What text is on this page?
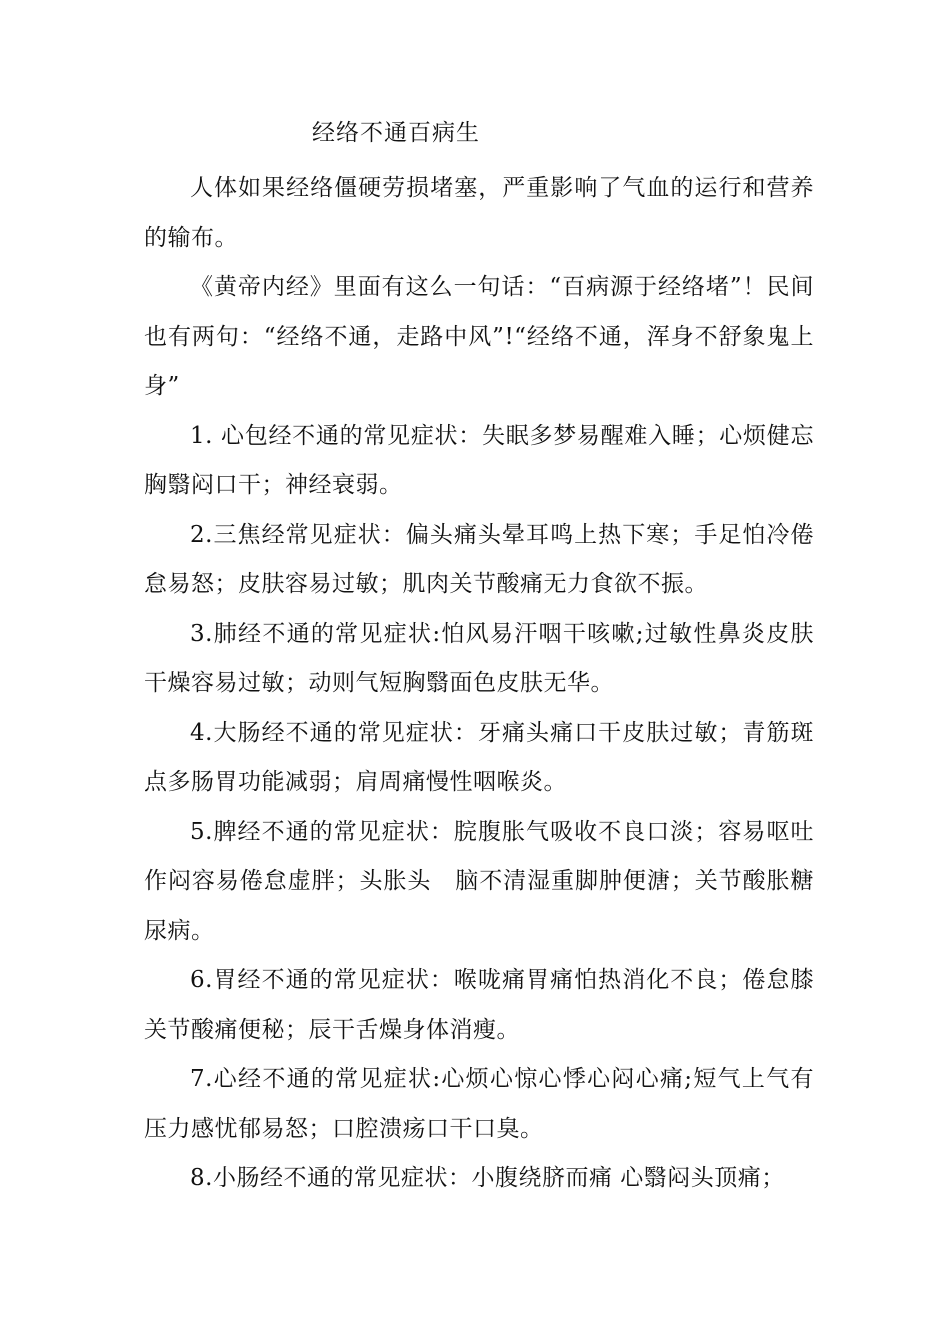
经络不通百病生

人体如果经络僵硬劳损堵塞，严重影响了气血的运行和营养的输布。

《黄帝内经》里面有这么一句话：“百病源于经络堵”！民间也有两句：“经络不通，走路中风”!“经络不通，浑身不舒象鬼上身”

1. 心包经不通的常见症状：失眠多梦易醒难入睡；心烦健忘胸翳闷口干；神经衰弱。

2.三焦经常见症状：偏头痛头晕耳鸣上热下寒；手足怕冷倦怠易怒；皮肤容易过敏；肌肉关节酸痛无力食欲不振。

3.肺经不通的常见症状:怕风易汗咽干咳嗽;过敏性鼻炎皮肤干燥容易过敏；动则气短胸翳面色皮肤无华。

4.大肠经不通的常见症状：牙痛头痛口干皮肤过敏；青筋斑点多肠胃功能减弱；肩周痛慢性咽喉炎。

5.脾经不通的常见症状：脘腹胀气吸收不良口淡；容易呕吐作闷容易倦怠虚胖；头胀头　脑不清湿重脚肿便溏；关节酸胀糖尿病。

6.胃经不通的常见症状：喉咙痛胃痛怕热消化不良；倦怠膝关节酸痛便秘；辰干舌燥身体消瘦。

7.心经不通的常见症状:心烦心惊心悸心闷心痛;短气上气有压力感忧郁易怒；口腔溃疡口干口臭。

8.小肠经不通的常见症状：小腹绕脐而痛 心翳闷头顶痛；
